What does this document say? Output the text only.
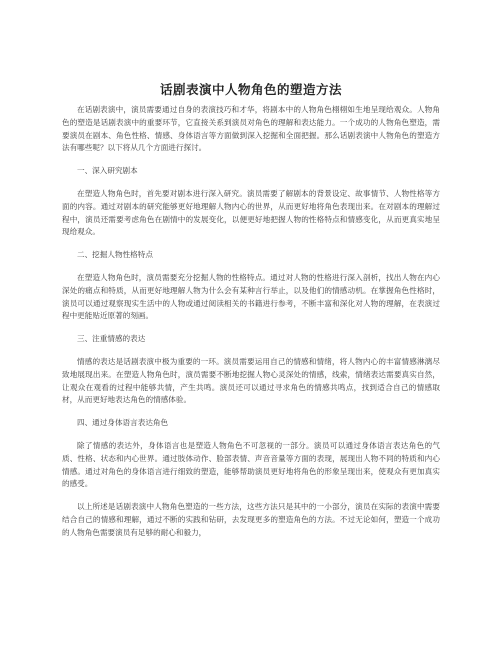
话剧表演中人物角色的塑造方法

在话剧表演中，演员需要通过自身的表演技巧和才华，将剧本中的人物角色栩栩如生地呈现给观众。人物角色的塑造是话剧表演中的重要环节，它直接关系到演员对角色的理解和表达能力。一个成功的人物角色塑造，需要演员在剧本、角色性格、情感、身体语言等方面做到深入挖掘和全面把握。那么话剧表演中人物角色的塑造方法有哪些呢？以下将从几个方面进行探讨。

一、深入研究剧本

在塑造人物角色时，首先要对剧本进行深入研究。演员需要了解剧本的背景设定、故事情节、人物性格等方面的内容。通过对剧本的研究能够更好地理解人物内心的世界，从而更好地将角色表现出来。在对剧本的理解过程中，演员还需要考虑角色在剧情中的发展变化，以便更好地把握人物的性格特点和情感变化，从而更真实地呈现给观众。

二、挖掘人物性格特点

在塑造人物角色时，演员需要充分挖掘人物的性格特点。通过对人物的性格进行深入剖析，找出人物在内心深处的痛点和特质，从而更好地理解人物为什么会有某种言行举止，以及他们的情感动机。在掌握角色性格时，演员可以通过观察现实生活中的人物或通过阅读相关的书籍进行参考，不断丰富和深化对人物的理解，在表演过程中更能贴近原著的刻画。

三、注重情感的表达

情感的表达是话剧表演中极为重要的一环。演员需要运用自己的情感和情绪，将人物内心的丰富情感淋漓尽致地展现出来。在塑造人物角色时，演员需要不断地挖掘人物心灵深处的情感，线索，情绪表达需要真实自然，让观众在观看的过程中能够共情，产生共鸣。演员还可以通过寻求角色的情感共鸣点，找到适合自己的情感取材，从而更好地表达角色的情感体验。

四、通过身体语言表达角色

除了情感的表达外，身体语言也是塑造人物角色不可忽视的一部分。演员可以通过身体语言表达角色的气质、性格、状态和内心世界。通过肢体动作、脸部表情、声音音量等方面的表现，展现出人物不同的特质和内心情感。通过对角色的身体语言进行细致的塑造，能够帮助演员更好地将角色的形象呈现出来，使观众有更加真实的感受。

以上所述是话剧表演中人物角色塑造的一些方法，这些方法只是其中的一小部分，演员在实际的表演中需要结合自己的情感和理解，通过不断的实践和钻研，去发现更多的塑造角色的方法。不过无论如何，塑造一个成功的人物角色需要演员有足够的耐心和毅力，
